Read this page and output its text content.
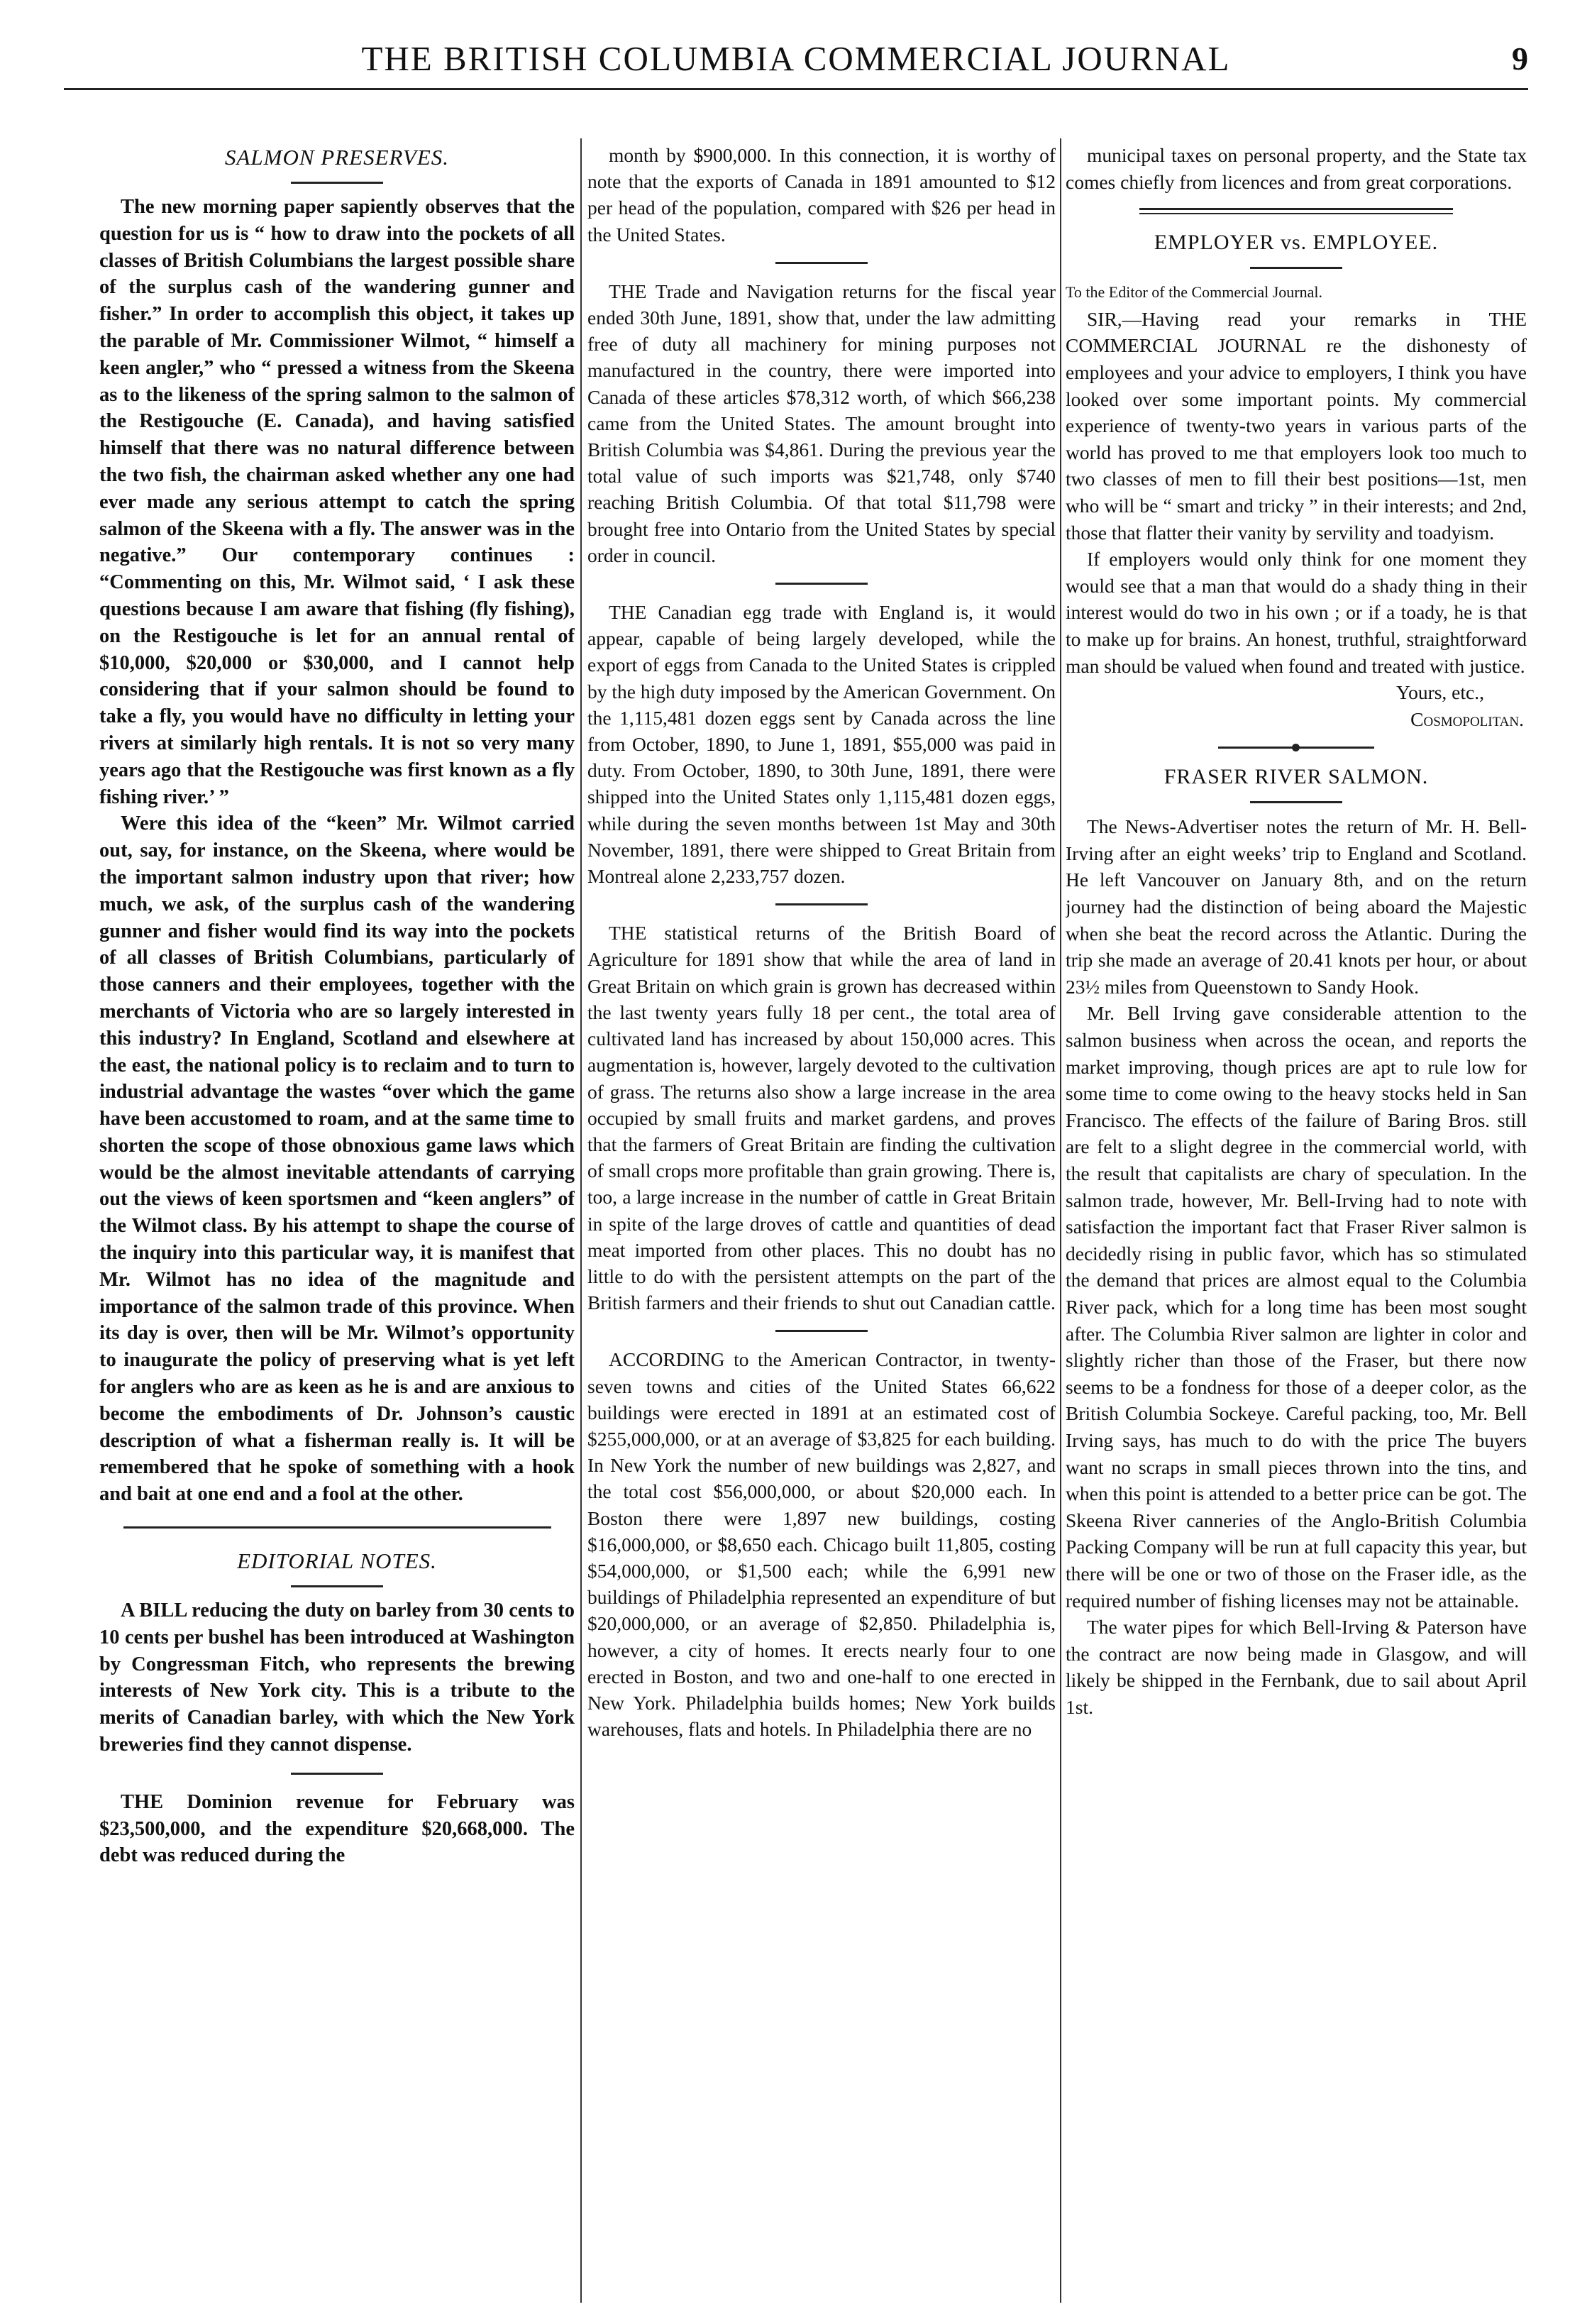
THE BRITISH COLUMBIA COMMERCIAL JOURNAL	9
SALMON PRESERVES.

The new morning paper sapiently observes that the question for us is “ how to draw into the pockets of all classes of British Columbians the largest possible share of the surplus cash of the wandering gunner and fisher.” In order to accomplish this object, it takes up the parable of Mr. Commissioner Wilmot, “ himself a keen angler,” who “ pressed a witness from the Skeena as to the likeness of the spring salmon to the salmon of the Restigouche (E. Canada), and having satisfied himself that there was no natural difference between the two fish, the chairman asked whether any one had ever made any serious attempt to catch the spring salmon of the Skeena with a fly. The answer was in the negative.” Our contemporary continues : “Commenting on this, Mr. Wilmot said, ‘ I ask these questions because I am aware that fishing (fly fishing), on the Restigouche is let for an annual rental of $10,000, $20,000 or $30,000, and I cannot help considering that if your salmon should be found to take a fly, you would have no difficulty in letting your rivers at similarly high rentals. It is not so very many years ago that the Restigouche was first known as a fly fishing river.’ ”

Were this idea of the “keen” Mr. Wilmot carried out, say, for instance, on the Skeena, where would be the important salmon industry upon that river; how much, we ask, of the surplus cash of the wandering gunner and fisher would find its way into the pockets of all classes of British Columbians, particularly of those canners and their employees, together with the merchants of Victoria who are so largely interested in this industry? In England, Scotland and elsewhere at the east, the national policy is to reclaim and to turn to industrial advantage the wastes “over which the game have been accustomed to roam, and at the same time to shorten the scope of those obnoxious game laws which would be the almost inevitable attendants of carrying out the views of keen sportsmen and “keen anglers” of the Wilmot class. By his attempt to shape the course of the inquiry into this particular way, it is manifest that Mr. Wilmot has no idea of the magnitude and importance of the salmon trade of this province. When its day is over, then will be Mr. Wilmot’s opportunity to inaugurate the policy of preserving what is yet left for anglers who are as keen as he is and are anxious to become the embodiments of Dr. Johnson’s caustic description of what a fisherman really is. It will be remembered that he spoke of something with a hook and bait at one end and a fool at the other.

EDITORIAL NOTES.

A BILL reducing the duty on barley from 30 cents to 10 cents per bushel has been introduced at Washington by Congressman Fitch, who represents the brewing interests of New York city. This is a tribute to the merits of Canadian barley, with which the New York breweries find they cannot dispense.

THE Dominion revenue for February was $23,500,000, and the expenditure $20,668,000. The debt was reduced during the

month by $900,000. In this connection, it is worthy of note that the exports of Canada in 1891 amounted to $12 per head of the population, compared with $26 per head in the United States.

THE Trade and Navigation returns for the fiscal year ended 30th June, 1891, show that, under the law admitting free of duty all machinery for mining purposes not manufactured in the country, there were imported into Canada of these articles $78,312 worth, of which $66,238 came from the United States. The amount brought into British Columbia was $4,861. During the previous year the total value of such imports was $21,748, only $740 reaching British Columbia. Of that total $11,798 were brought free into Ontario from the United States by special order in council.

THE Canadian egg trade with England is, it would appear, capable of being largely developed, while the export of eggs from Canada to the United States is crippled by the high duty imposed by the American Government. On the 1,115,481 dozen eggs sent by Canada across the line from October, 1890, to June 1, 1891, $55,000 was paid in duty. From October, 1890, to 30th June, 1891, there were shipped into the United States only 1,115,481 dozen eggs, while during the seven months between 1st May and 30th November, 1891, there were shipped to Great Britain from Montreal alone 2,233,757 dozen.

THE statistical returns of the British Board of Agriculture for 1891 show that while the area of land in Great Britain on which grain is grown has decreased within the last twenty years fully 18 per cent., the total area of cultivated land has increased by about 150,000 acres. This augmentation is, however, largely devoted to the cultivation of grass. The returns also show a large increase in the area occupied by small fruits and market gardens, and proves that the farmers of Great Britain are finding the cultivation of small crops more profitable than grain growing. There is, too, a large increase in the number of cattle in Great Britain in spite of the large droves of cattle and quantities of dead meat imported from other places. This no doubt has no little to do with the persistent attempts on the part of the British farmers and their friends to shut out Canadian cattle.

ACCORDING to the American Contractor, in twenty-seven towns and cities of the United States 66,622 buildings were erected in 1891 at an estimated cost of $255,000,000, or at an average of $3,825 for each building. In New York the number of new buildings was 2,827, and the total cost $56,000,000, or about $20,000 each. In Boston there were 1,897 new buildings, costing $16,000,000, or $8,650 each. Chicago built 11,805, costing $54,000,000, or $1,500 each; while the 6,991 new buildings of Philadelphia represented an expenditure of but $20,000,000, or an average of $2,850. Philadelphia is, however, a city of homes. It erects nearly four to one erected in Boston, and two and one-half to one erected in New York. Philadelphia builds homes; New York builds warehouses, flats and hotels. In Philadelphia there are no

municipal taxes on personal property, and the State tax comes chiefly from licences and from great corporations.

EMPLOYER vs. EMPLOYEE.

To the Editor of the Commercial Journal.

SIR,—Having read your remarks in THE COMMERCIAL JOURNAL re the dishonesty of employees and your advice to employers, I think you have looked over some important points. My commercial experience of twenty-two years in various parts of the world has proved to me that employers look too much to two classes of men to fill their best positions—1st, men who will be “ smart and tricky ” in their interests; and 2nd, those that flatter their vanity by servility and toadyism.

If employers would only think for one moment they would see that a man that would do a shady thing in their interest would do two in his own ; or if a toady, he is that to make up for brains. An honest, truthful, straightforward man should be valued when found and treated with justice.

Yours, etc.,

Cosmopolitan.

FRASER RIVER SALMON.

The News-Advertiser notes the return of Mr. H. Bell-Irving after an eight weeks’ trip to England and Scotland. He left Vancouver on January 8th, and on the return journey had the distinction of being aboard the Majestic when she beat the record across the Atlantic. During the trip she made an average of 20.41 knots per hour, or about 23½ miles from Queenstown to Sandy Hook.

Mr. Bell Irving gave considerable attention to the salmon business when across the ocean, and reports the market improving, though prices are apt to rule low for some time to come owing to the heavy stocks held in San Francisco. The effects of the failure of Baring Bros. still are felt to a slight degree in the commercial world, with the result that capitalists are chary of speculation. In the salmon trade, however, Mr. Bell-Irving had to note with satisfaction the important fact that Fraser River salmon is decidedly rising in public favor, which has so stimulated the demand that prices are almost equal to the Columbia River pack, which for a long time has been most sought after. The Columbia River salmon are lighter in color and slightly richer than those of the Fraser, but there now seems to be a fondness for those of a deeper color, as the British Columbia Sockeye. Careful packing, too, Mr. Bell Irving says, has much to do with the price The buyers want no scraps in small pieces thrown into the tins, and when this point is attended to a better price can be got. The Skeena River canneries of the Anglo-British Columbia Packing Company will be run at full capacity this year, but there will be one or two of those on the Fraser idle, as the required number of fishing licenses may not be attainable.

The water pipes for which Bell-Irving & Paterson have the contract are now being made in Glasgow, and will likely be shipped in the Fernbank, due to sail about April 1st.
